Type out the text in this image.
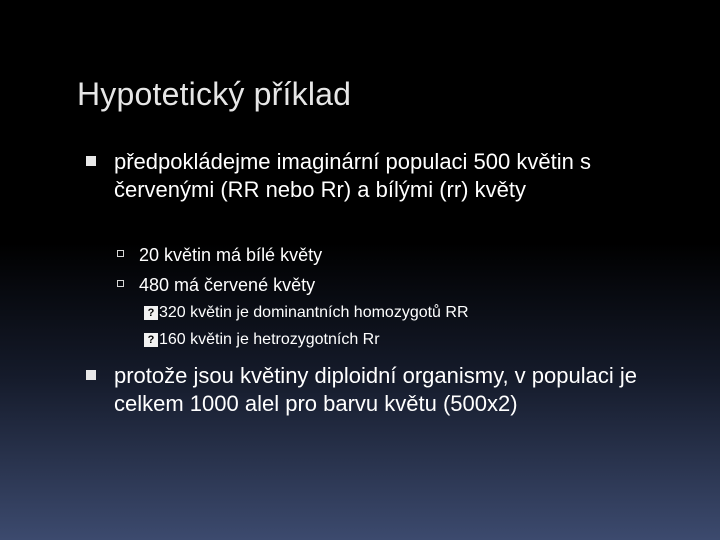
Hypotetický příklad
předpokládejme imaginární populaci 500 květin s červenými (RR nebo Rr) a bílými (rr) květy
20 květin má bílé květy
480 má červené květy
? 320 květin je dominantních homozygotů RR
? 160 květin je hetrozygotních Rr
protože jsou květiny diploidní organismy, v populaci je celkem 1000 alel pro barvu květu (500x2)
